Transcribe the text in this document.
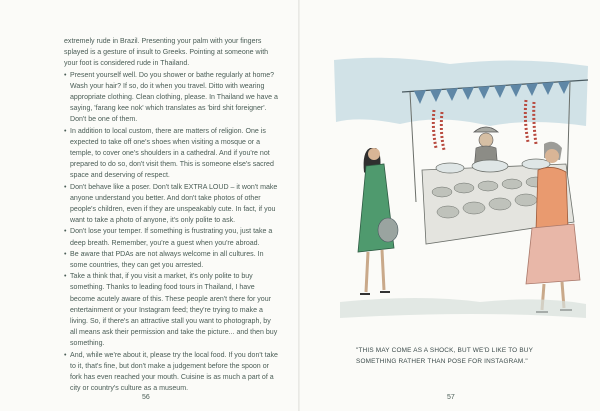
extremely rude in Brazil. Presenting your palm with your fingers splayed is a gesture of insult to Greeks. Pointing at someone with your foot is considered rude in Thailand.

• Present yourself well. Do you shower or bathe regularly at home? Wash your hair? If so, do it when you travel. Ditto with wearing appropriate clothing. Clean clothing, please. In Thailand we have a saying, 'farang kee nok' which translates as 'bird shit foreigner'. Don't be one of them.

• In addition to local custom, there are matters of religion. One is expected to take off one's shoes when visiting a mosque or a temple, to cover one's shoulders in a cathedral. And if you're not prepared to do so, don't visit them. This is someone else's sacred space and deserving of respect.

• Don't behave like a poser. Don't talk EXTRA LOUD – it won't make anyone understand you better. And don't take photos of other people's children, even if they are unspeakably cute. In fact, if you want to take a photo of anyone, it's only polite to ask.

• Don't lose your temper. If something is frustrating you, just take a deep breath. Remember, you're a guest when you're abroad.

• Be aware that PDAs are not always welcome in all cultures. In some countries, they can get you arrested.

• Take a think that, if you visit a market, it's only polite to buy something. Thanks to leading food tours in Thailand, I have become acutely aware of this. These people aren't there for your entertainment or your Instagram feed; they're trying to make a living. So, if there's an attractive stall you want to photograph, by all means ask their permission and take the picture... and then buy something.

• And, while we're about it, please try the local food. If you don't take to it, that's fine, but don't make a judgement before the spoon or fork has even reached your mouth. Cuisine is as much a part of a city or country's culture as a museum.

56
"THIS MAY COME AS A SHOCK, BUT WE'D LIKE TO BUY
SOMETHING RATHER THAN POSE FOR INSTAGRAM."
57
